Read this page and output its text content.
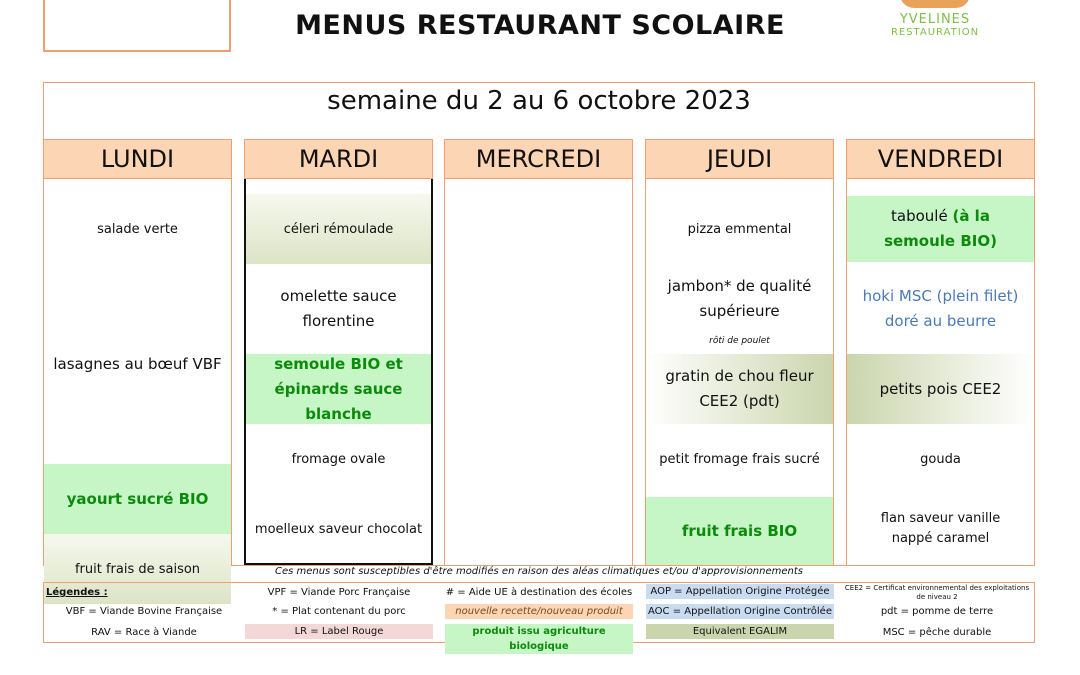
MENUS RESTAURANT SCOLAIRE	YVELINES
RESTAURATION
semaine du 2 au 6 octobre 2023
LUNDI
salade verte
lasagnes au bœuf VBF
yaourt sucré BIO
fruit frais de saison
MARDI
céleri rémoulade
omelette sauce florentine
semoule BIO et épinards sauce blanche
fromage ovale
moelleux saveur chocolat
MERCREDI	JEUDI
pizza emmental
jambon* de qualité supérieure
rôti de poulet
gratin de chou fleur CEE2 (pdt)
petit fromage frais sucré
fruit frais BIO
VENDREDI
taboulé (à la semoule BIO)
hoki MSC (plein filet) doré au beurre
petits pois CEE2
gouda
flan saveur vanille nappé caramel
Ces menus sont susceptibles d'être modifiés en raison des aléas climatiques et/ou d'approvisionnements
Légendes :
VBF = Viande Bovine Française
RAV = Race à Viande
VPF = Viande Porc Française
* = Plat contenant du porc
LR = Label Rouge
# = Aide UE à destination des écoles
nouvelle recette/nouveau produit
produit issu agriculture biologique
AOP = Appellation Origine Protégée
AOC = Appellation Origine Contrôlée
Equivalent EGALIM
CEE2 = Certificat environnemental des exploitations de niveau 2
pdt = pomme de terre
MSC = pêche durable
